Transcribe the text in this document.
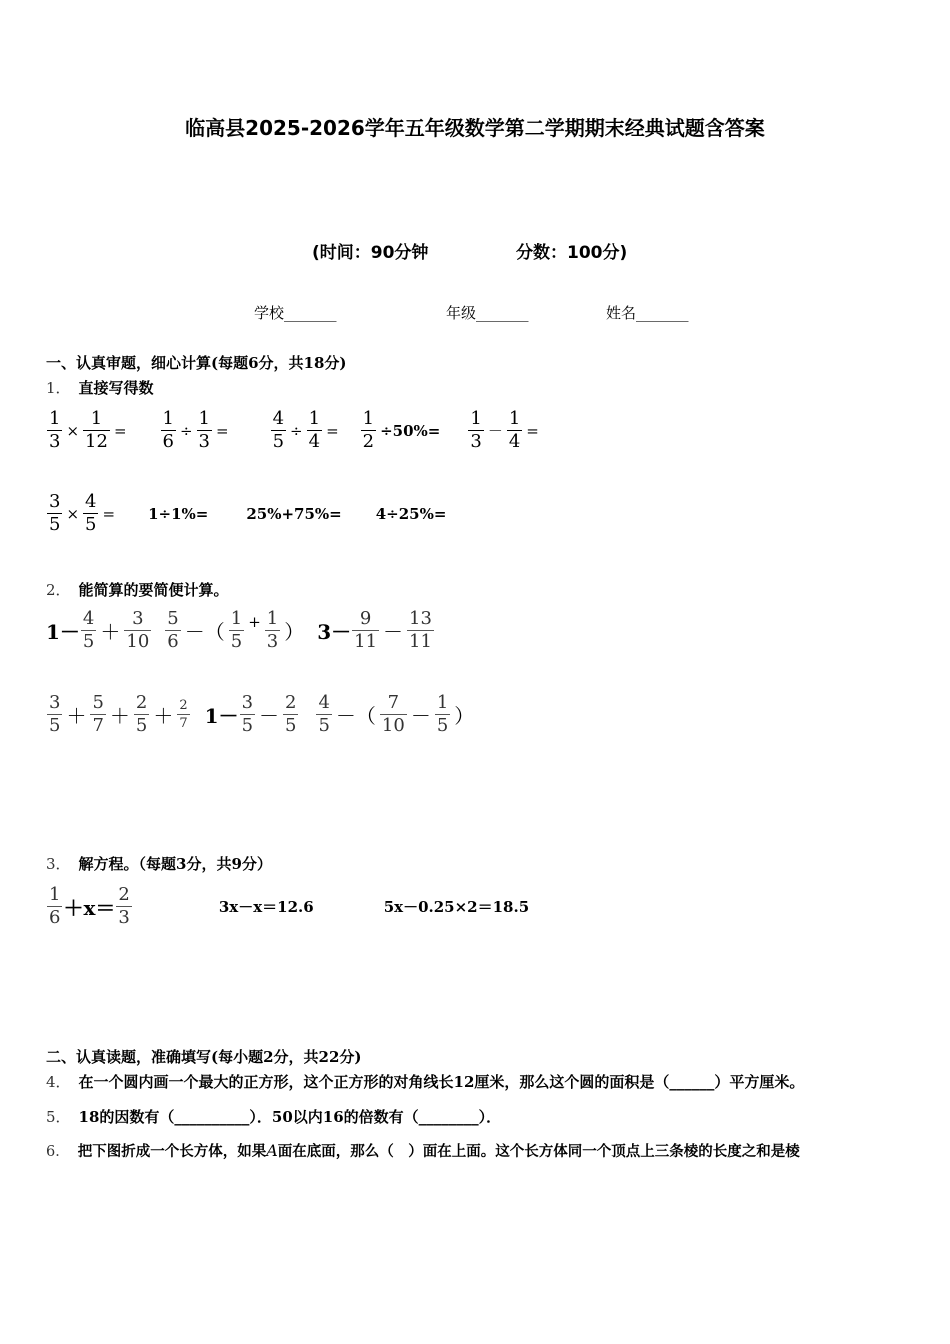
临高县2025-2026学年五年级数学第二学期期末经典试题含答案
(时间：90分钟	分数：100分)
学校_______	年级_______	姓名_______
一、认真审题，细心计算(每题6分，共18分)
1． 直接写得数
$\frac{1}{3} \times \frac{1}{12} = \frac{1}{6} \div \frac{1}{3} = \frac{4}{5} \div \frac{1}{4} = \frac{1}{2} \div 50\%= \frac{1}{3} - \frac{1}{4}$ =
$\frac{3}{5} \times \frac{4}{5} = 1\div 1\%=$	25%+75%= 4÷25%=
2． 能简算的要简便计算。
$1- \frac{4}{5} + \frac{3}{10} \frac{5}{6}$ －（ $\frac{1}{5} + \frac{1}{3}$ ） $3- \frac{9}{11} - \frac{13}{11}$
$\frac{3}{5} + \frac{5}{7} + \frac{2}{5} + \frac{2}{7} 1- \frac{3}{5} - \frac{2}{5} \frac{4}{5}$ －（ $\frac{7}{10} - \frac{1}{5}$ ）
3． 解方程。（每题3分，共9分）
$\frac{1}{6} +x= \frac{2}{3}$	3x－x＝12.6	5x－0.25×2＝18.5
二、认真读题，准确填写(每小题2分，共22分)
4． 在一个圆内画一个最大的正方形，这个正方形的对角线长12厘米，那么这个圆的面积是（______）平方厘米。
5． 18的因数有（__________）．50以内16的倍数有（________）．
6． 把下图折成一个长方体，如果A面在底面，那么（　）面在上面。这个长方体同一个顶点上三条棱的长度之和是棱
